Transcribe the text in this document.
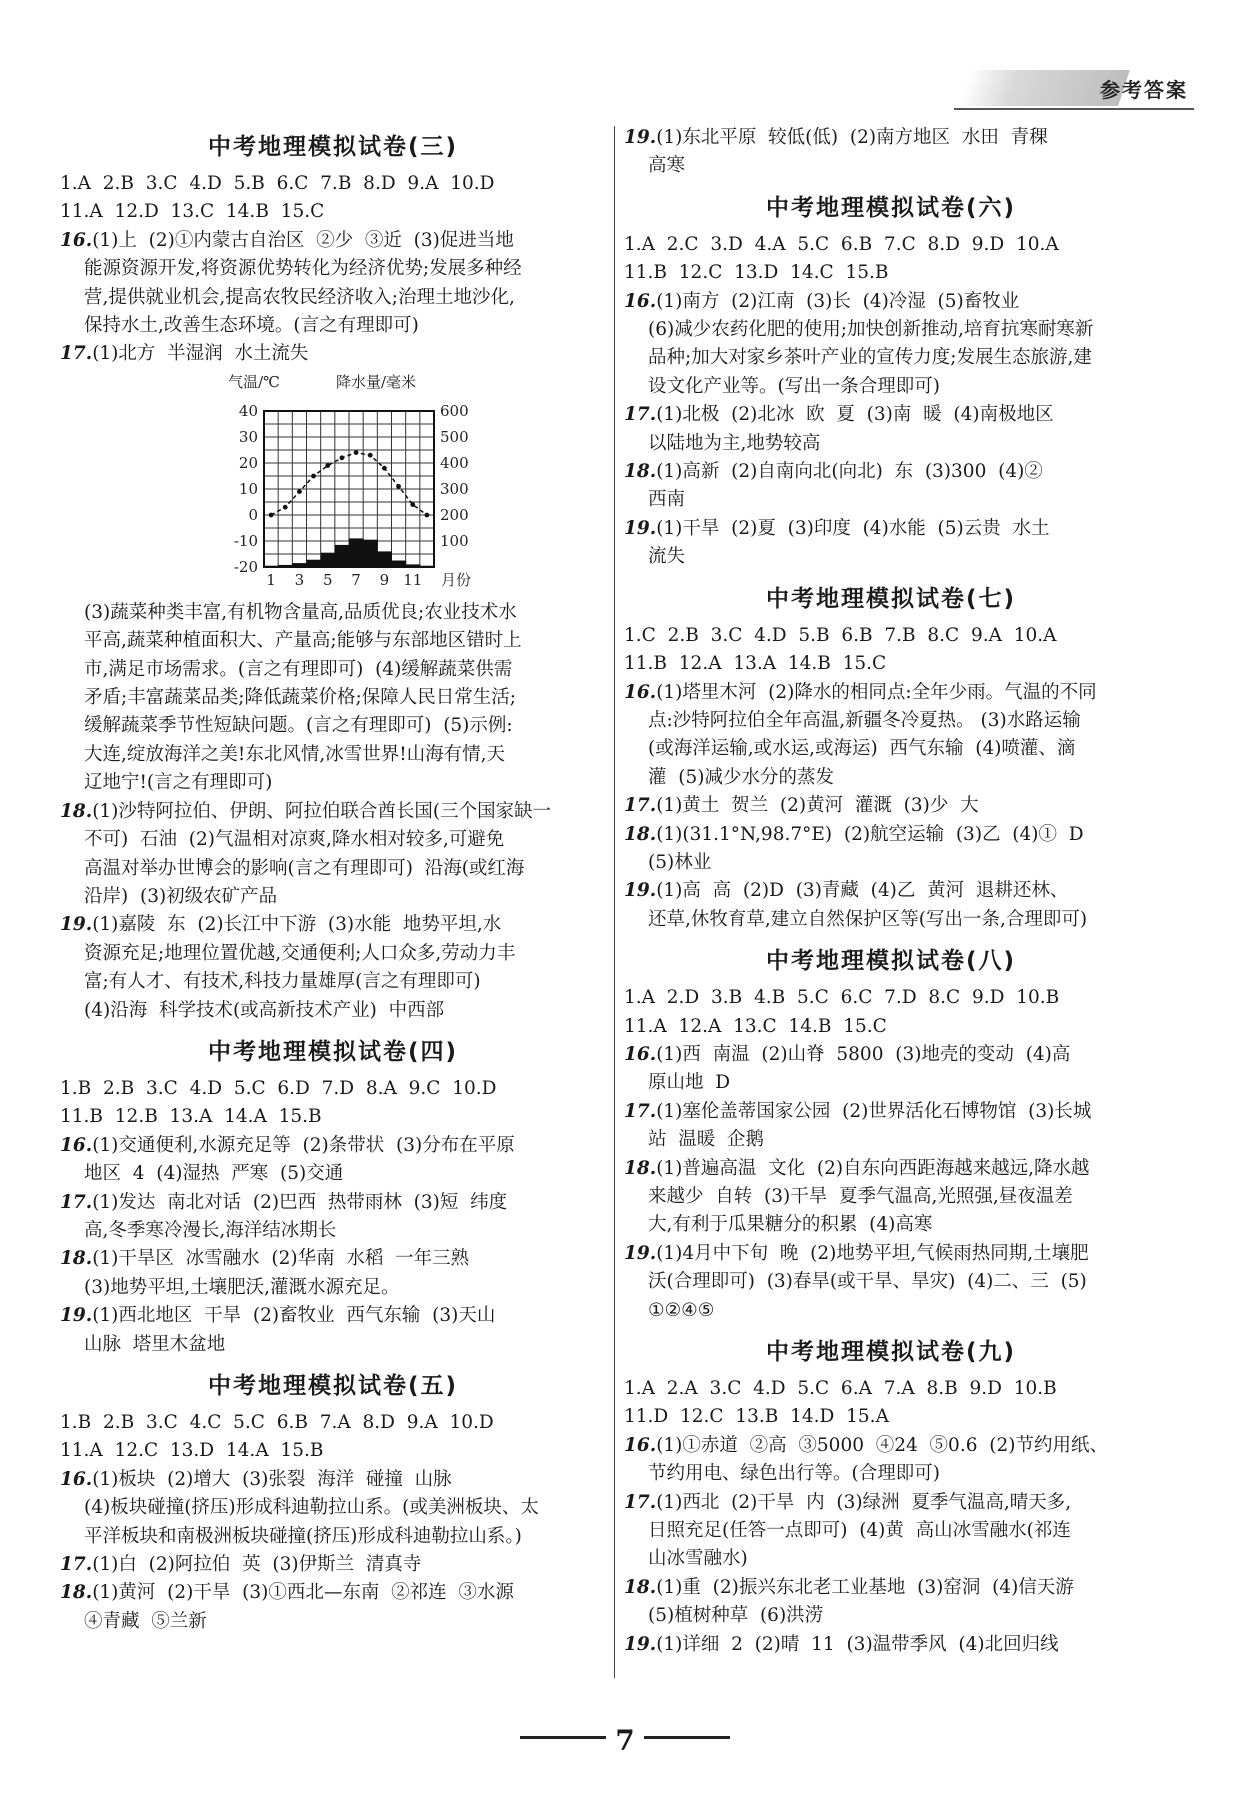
参考答案
中考地理模拟试卷(三)
1.A  2.B  3.C  4.D  5.B  6.C  7.B  8.D  9.A  10.D
11.A  12.D  13.C  14.B  15.C
16.(1)上  (2)①内蒙古自治区  ②少  ③近  (3)促进当地
能源资源开发,将资源优势转化为经济优势;发展多种经
营,提供就业机会,提高农牧民经济收入;治理土地沙化,
保持水土,改善生态环境。(言之有理即可)
17.(1)北方  半湿润  水土流失
气温/℃	降水量/毫米
40
30
20
10
0
-10
-20
600
500
400
300
200
100
1 3 5 7 9 11 月份
(3)蔬菜种类丰富,有机物含量高,品质优良;农业技术水
平高,蔬菜种植面积大、产量高;能够与东部地区错时上
市,满足市场需求。(言之有理即可)  (4)缓解蔬菜供需
矛盾;丰富蔬菜品类;降低蔬菜价格;保障人民日常生活;
缓解蔬菜季节性短缺问题。(言之有理即可)  (5)示例:
大连,绽放海洋之美!东北风情,冰雪世界!山海有情,天
辽地宁!(言之有理即可)
18.(1)沙特阿拉伯、伊朗、阿拉伯联合酋长国(三个国家缺一
不可)  石油  (2)气温相对凉爽,降水相对较多,可避免
高温对举办世博会的影响(言之有理即可)  沿海(或红海
沿岸)  (3)初级农矿产品
19.(1)嘉陵  东  (2)长江中下游  (3)水能  地势平坦,水
资源充足;地理位置优越,交通便利;人口众多,劳动力丰
富;有人才、有技术,科技力量雄厚(言之有理即可)
(4)沿海  科学技术(或高新技术产业)  中西部
中考地理模拟试卷(四)
1.B  2.B  3.C  4.D  5.C  6.D  7.D  8.A  9.C  10.D
11.B  12.B  13.A  14.A  15.B
16.(1)交通便利,水源充足等  (2)条带状  (3)分布在平原
地区  4  (4)湿热  严寒  (5)交通
17.(1)发达  南北对话  (2)巴西  热带雨林  (3)短  纬度
高,冬季寒冷漫长,海洋结冰期长
18.(1)干旱区  冰雪融水  (2)华南  水稻  一年三熟
(3)地势平坦,土壤肥沃,灌溉水源充足。
19.(1)西北地区  干旱  (2)畜牧业  西气东输  (3)天山
山脉  塔里木盆地
中考地理模拟试卷(五)
1.B  2.B  3.C  4.C  5.C  6.B  7.A  8.D  9.A  10.D
11.A  12.C  13.D  14.A  15.B
16.(1)板块  (2)增大  (3)张裂  海洋  碰撞  山脉
(4)板块碰撞(挤压)形成科迪勒拉山系。(或美洲板块、太
平洋板块和南极洲板块碰撞(挤压)形成科迪勒拉山系。)
17.(1)白  (2)阿拉伯  英  (3)伊斯兰  清真寺
18.(1)黄河  (2)干旱  (3)①西北—东南  ②祁连  ③水源
④青藏  ⑤兰新
19.(1)东北平原  较低(低)  (2)南方地区  水田  青稞
高寒
中考地理模拟试卷(六)
1.A  2.C  3.D  4.A  5.C  6.B  7.C  8.D  9.D  10.A
11.B  12.C  13.D  14.C  15.B
16.(1)南方  (2)江南  (3)长  (4)冷湿  (5)畜牧业
(6)减少农药化肥的使用;加快创新推动,培育抗寒耐寒新
品种;加大对家乡茶叶产业的宣传力度;发展生态旅游,建
设文化产业等。(写出一条合理即可)
17.(1)北极  (2)北冰  欧  夏  (3)南  暖  (4)南极地区
以陆地为主,地势较高
18.(1)高新  (2)自南向北(向北)  东  (3)300  (4)②
西南
19.(1)干旱  (2)夏  (3)印度  (4)水能  (5)云贵  水土
流失
中考地理模拟试卷(七)
1.C  2.B  3.C  4.D  5.B  6.B  7.B  8.C  9.A  10.A
11.B  12.A  13.A  14.B  15.C
16.(1)塔里木河  (2)降水的相同点:全年少雨。气温的不同
点:沙特阿拉伯全年高温,新疆冬冷夏热。 (3)水路运输
(或海洋运输,或水运,或海运)  西气东输  (4)喷灌、滴
灌  (5)减少水分的蒸发
17.(1)黄土  贺兰  (2)黄河  灌溉  (3)少  大
18.(1)(31.1°N,98.7°E)  (2)航空运输  (3)乙  (4)①  D
(5)林业
19.(1)高  高  (2)D  (3)青藏  (4)乙  黄河  退耕还林、
还草,休牧育草,建立自然保护区等(写出一条,合理即可)
中考地理模拟试卷(八)
1.A  2.D  3.B  4.B  5.C  6.C  7.D  8.C  9.D  10.B
11.A  12.A  13.C  14.B  15.C
16.(1)西  南温  (2)山脊  5800  (3)地壳的变动  (4)高
原山地  D
17.(1)塞伦盖蒂国家公园  (2)世界活化石博物馆  (3)长城
站  温暖  企鹅
18.(1)普遍高温  文化  (2)自东向西距海越来越远,降水越
来越少  自转  (3)干旱  夏季气温高,光照强,昼夜温差
大,有利于瓜果糖分的积累  (4)高寒
19.(1)4月中下旬  晚  (2)地势平坦,气候雨热同期,土壤肥
沃(合理即可)  (3)春旱(或干旱、旱灾)  (4)二、三  (5)
①②④⑤
中考地理模拟试卷(九)
1.A  2.A  3.C  4.D  5.C  6.A  7.A  8.B  9.D  10.B
11.D  12.C  13.B  14.D  15.A
16.(1)①赤道  ②高  ③5000  ④24  ⑤0.6  (2)节约用纸、
节约用电、绿色出行等。(合理即可)
17.(1)西北  (2)干旱  内  (3)绿洲  夏季气温高,晴天多,
日照充足(任答一点即可)  (4)黄  高山冰雪融水(祁连
山冰雪融水)
18.(1)重  (2)振兴东北老工业基地  (3)窑洞  (4)信天游
(5)植树种草  (6)洪涝
19.(1)详细  2  (2)晴  11  (3)温带季风  (4)北回归线
7
